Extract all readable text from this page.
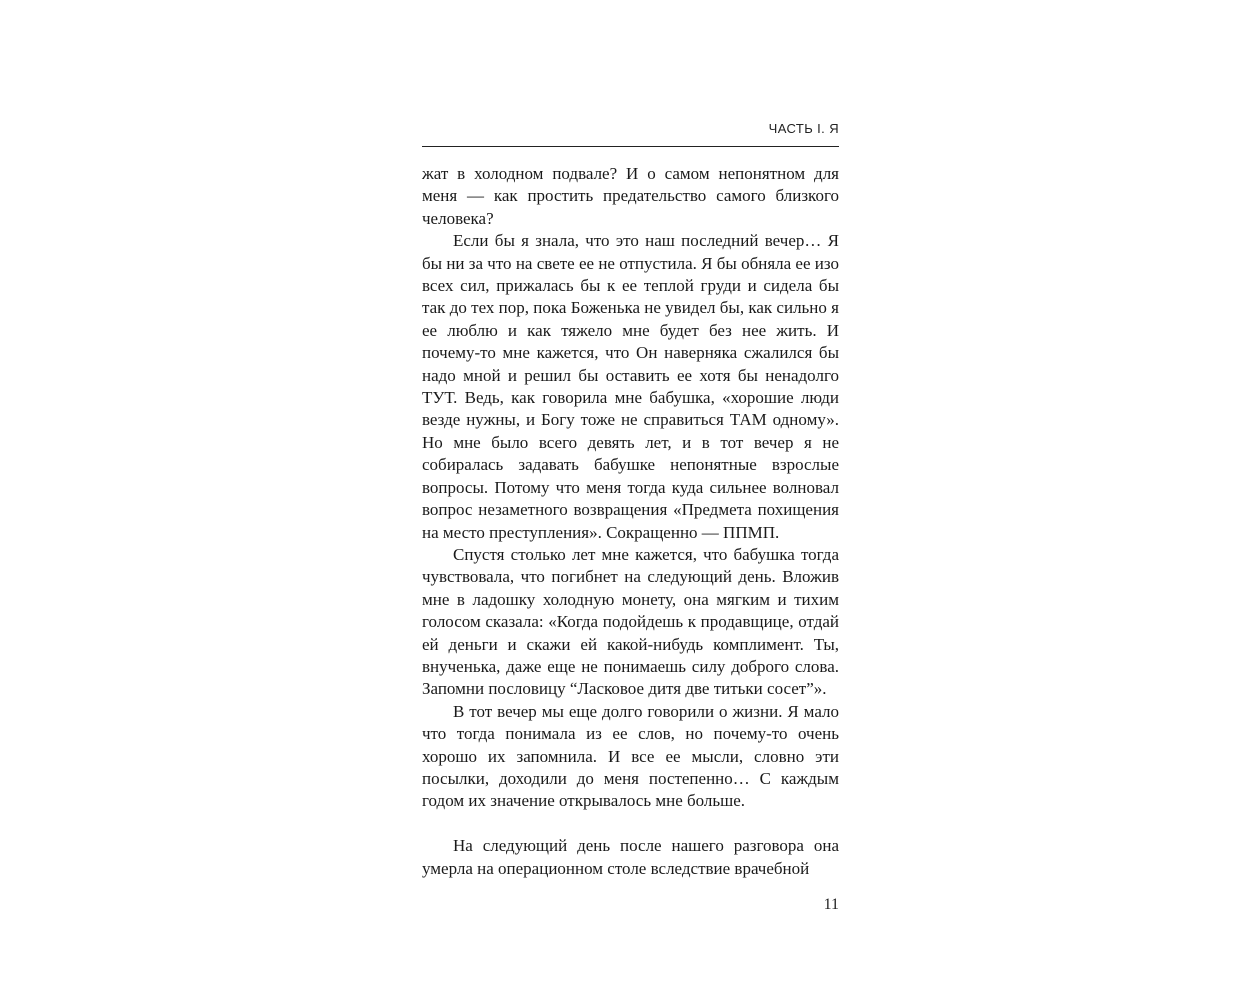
ЧАСТЬ I. Я

жат в холодном подвале? И о самом непонятном для меня — как простить предательство самого близкого человека?

Если бы я знала, что это наш последний вечер… Я бы ни за что на свете ее не отпустила. Я бы обняла ее изо всех сил, прижалась бы к ее теплой груди и сидела бы так до тех пор, пока Боженька не увидел бы, как сильно я ее люблю и как тяжело мне будет без нее жить. И почему-то мне кажется, что Он наверняка сжалился бы надо мной и решил бы оставить ее хотя бы ненадолго ТУТ. Ведь, как говорила мне бабушка, «хорошие люди везде нужны, и Богу тоже не справиться ТАМ одному». Но мне было всего девять лет, и в тот вечер я не собиралась задавать бабушке непонятные взрослые вопросы. Потому что меня тогда куда сильнее волновал вопрос незаметного возвращения «Предмета похищения на место преступления». Сокращенно — ППМП.

Спустя столько лет мне кажется, что бабушка тогда чувствовала, что погибнет на следующий день. Вложив мне в ладошку холодную монету, она мягким и тихим голосом сказала: «Когда подойдешь к продавщице, отдай ей деньги и скажи ей какой-нибудь комплимент. Ты, внученька, даже еще не понимаешь силу доброго слова. Запомни пословицу “Ласковое дитя две титьки сосет”».

В тот вечер мы еще долго говорили о жизни. Я мало что тогда понимала из ее слов, но почему-то очень хорошо их запомнила. И все ее мысли, словно эти посылки, доходили до меня постепенно… С каждым годом их значение открывалось мне больше.

На следующий день после нашего разговора она умерла на операционном столе вследствие врачебной

11
